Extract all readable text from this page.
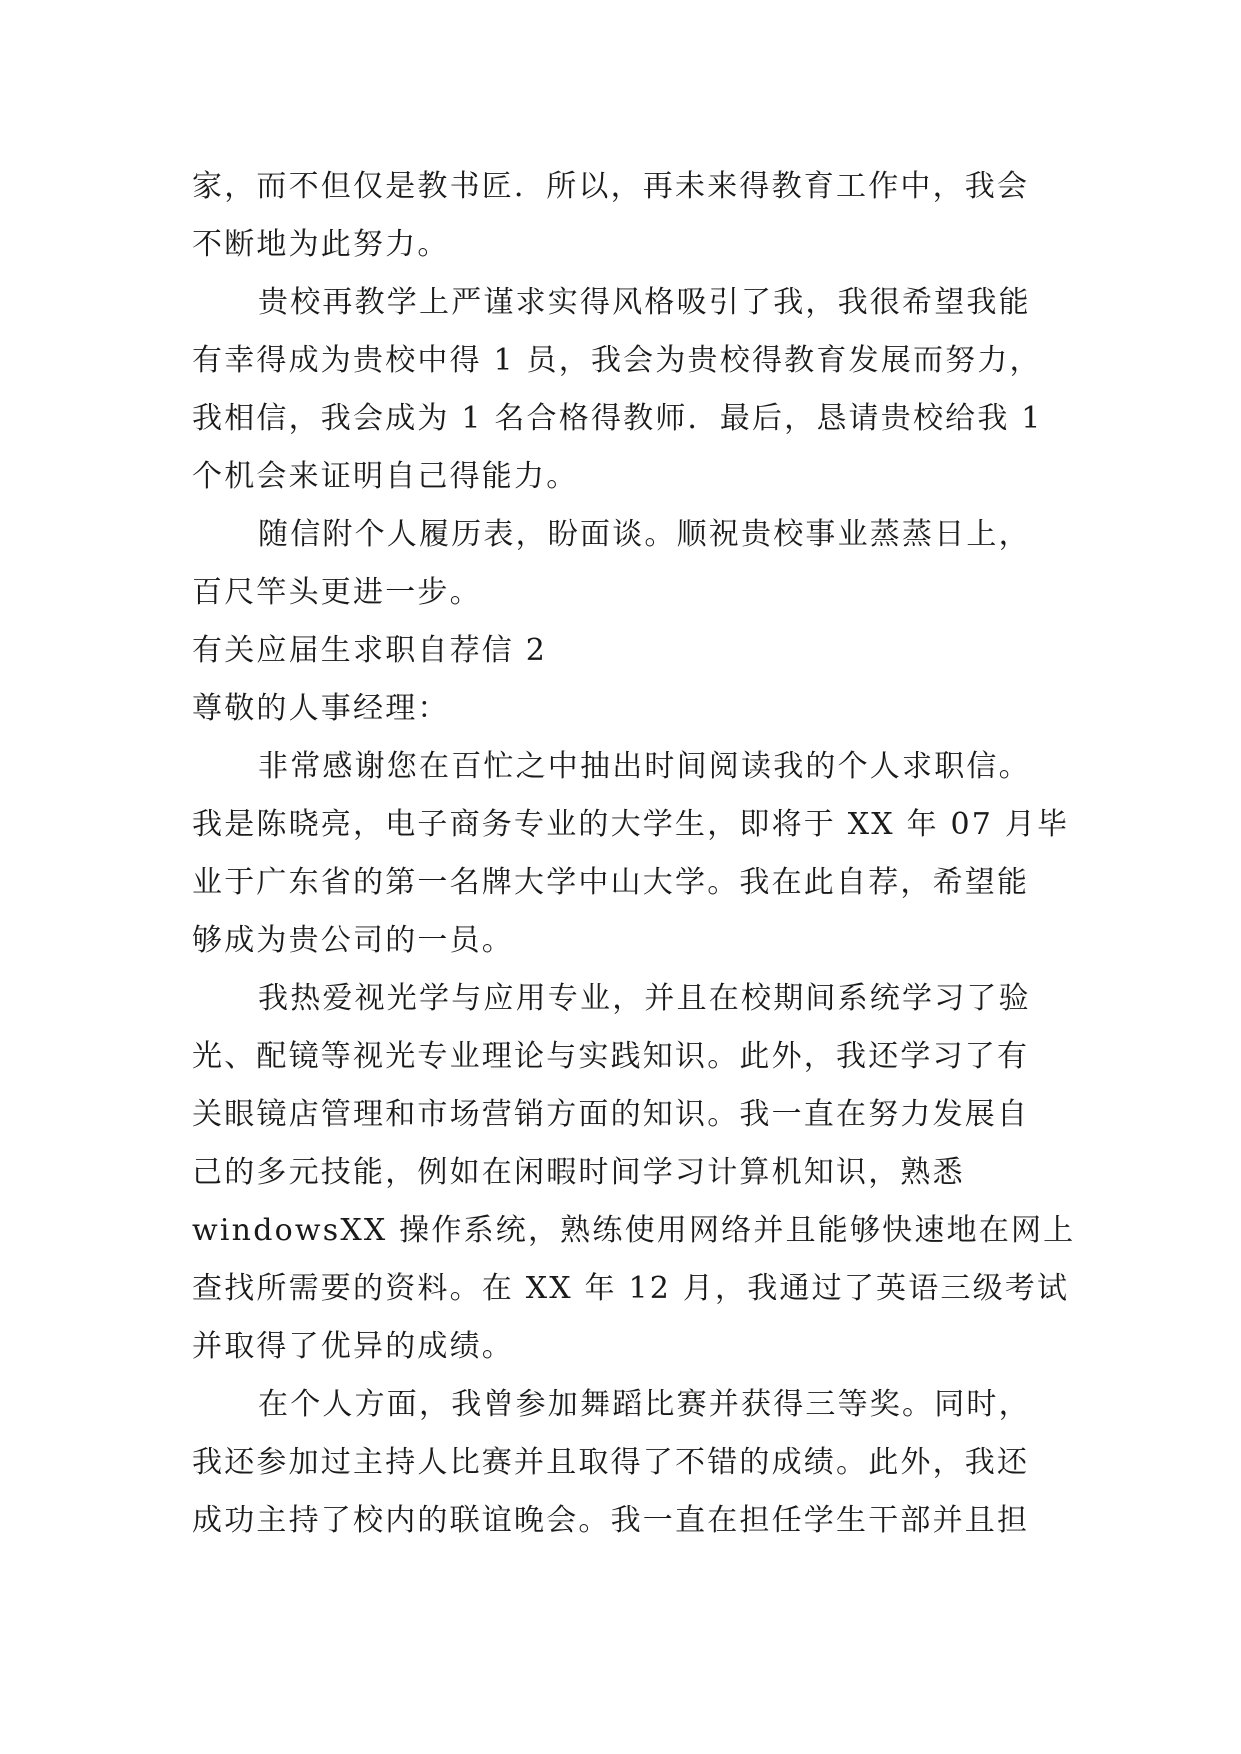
家，而不但仅是教书匠．所以，再未来得教育工作中，我会
不断地为此努力。
贵校再教学上严谨求实得风格吸引了我，我很希望我能
有幸得成为贵校中得 1 员，我会为贵校得教育发展而努力，
我相信，我会成为 1 名合格得教师．最后，恳请贵校给我 1
个机会来证明自己得能力。
随信附个人履历表，盼面谈。顺祝贵校事业蒸蒸日上，
百尺竿头更进一步。
有关应届生求职自荐信 2
尊敬的人事经理：
非常感谢您在百忙之中抽出时间阅读我的个人求职信。
我是陈晓亮，电子商务专业的大学生，即将于 XX 年 07 月毕
业于广东省的第一名牌大学中山大学。我在此自荐，希望能
够成为贵公司的一员。
我热爱视光学与应用专业，并且在校期间系统学习了验
光、配镜等视光专业理论与实践知识。此外，我还学习了有
关眼镜店管理和市场营销方面的知识。我一直在努力发展自
己的多元技能，例如在闲暇时间学习计算机知识，熟悉
windowsXX 操作系统，熟练使用网络并且能够快速地在网上
查找所需要的资料。在 XX 年 12 月，我通过了英语三级考试
并取得了优异的成绩。
在个人方面，我曾参加舞蹈比赛并获得三等奖。同时，
我还参加过主持人比赛并且取得了不错的成绩。此外，我还
成功主持了校内的联谊晚会。我一直在担任学生干部并且担
